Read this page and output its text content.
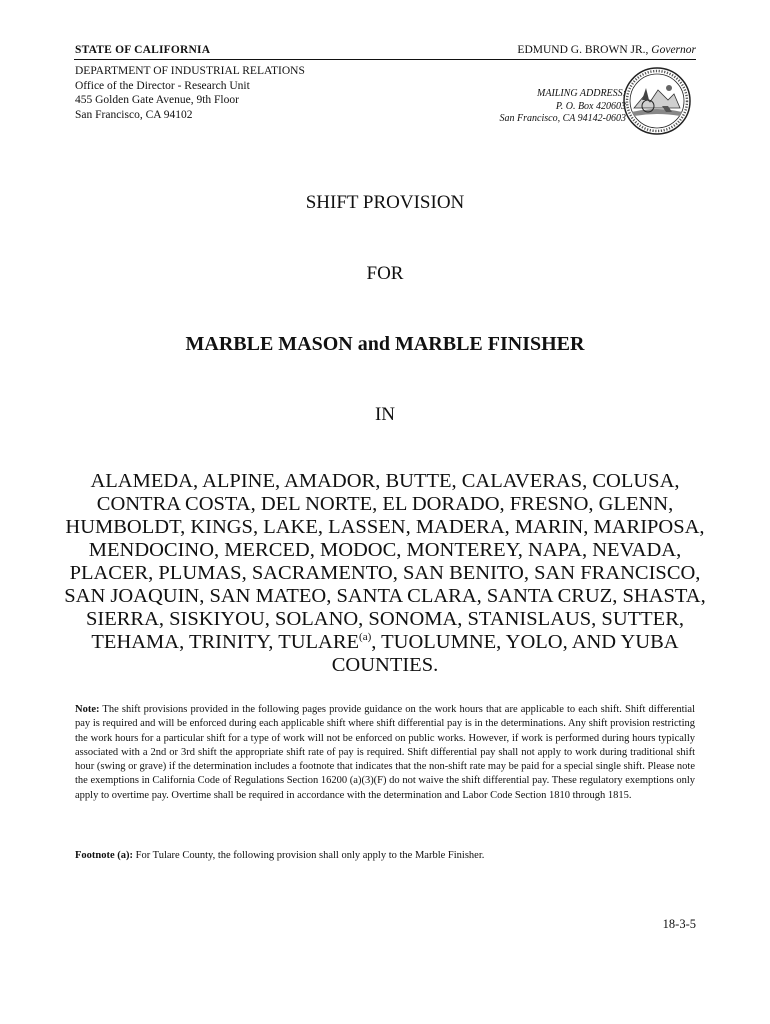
STATE OF CALIFORNIA	EDMUND G. BROWN JR., Governor
DEPARTMENT OF INDUSTRIAL RELATIONS
Office of the Director - Research Unit
455 Golden Gate Avenue, 9th Floor
San Francisco, CA 94102
MAILING ADDRESS:
P. O. Box 420603
San Francisco, CA 94142-0603
SHIFT PROVISION
FOR
MARBLE MASON and MARBLE FINISHER
IN
ALAMEDA, ALPINE, AMADOR, BUTTE, CALAVERAS, COLUSA, CONTRA COSTA, DEL NORTE, EL DORADO, FRESNO, GLENN, HUMBOLDT, KINGS, LAKE, LASSEN, MADERA, MARIN, MARIPOSA, MENDOCINO, MERCED, MODOC, MONTEREY, NAPA, NEVADA, PLACER, PLUMAS, SACRAMENTO, SAN BENITO, SAN FRANCISCO, SAN JOAQUIN, SAN MATEO, SANTA CLARA, SANTA CRUZ, SHASTA, SIERRA, SISKIYOU, SOLANO, SONOMA, STANISLAUS, SUTTER, TEHAMA, TRINITY, TULARE$^{(a)}$, TUOLUMNE, YOLO, AND YUBA COUNTIES.
Note: The shift provisions provided in the following pages provide guidance on the work hours that are applicable to each shift. Shift differential pay is required and will be enforced during each applicable shift where shift differential pay is in the determinations. Any shift provision restricting the work hours for a particular shift for a type of work will not be enforced on public works. However, if work is performed during hours typically associated with a 2nd or 3rd shift the appropriate shift rate of pay is required. Shift differential pay shall not apply to work during traditional shift hour (swing or grave) if the determination includes a footnote that indicates that the non-shift rate may be paid for a special single shift. Please note the exemptions in California Code of Regulations Section 16200 (a)(3)(F) do not waive the shift differential pay. These regulatory exemptions only apply to overtime pay. Overtime shall be required in accordance with the determination and Labor Code Section 1810 through 1815.
Footnote (a): For Tulare County, the following provision shall only apply to the Marble Finisher.
18-3-5
